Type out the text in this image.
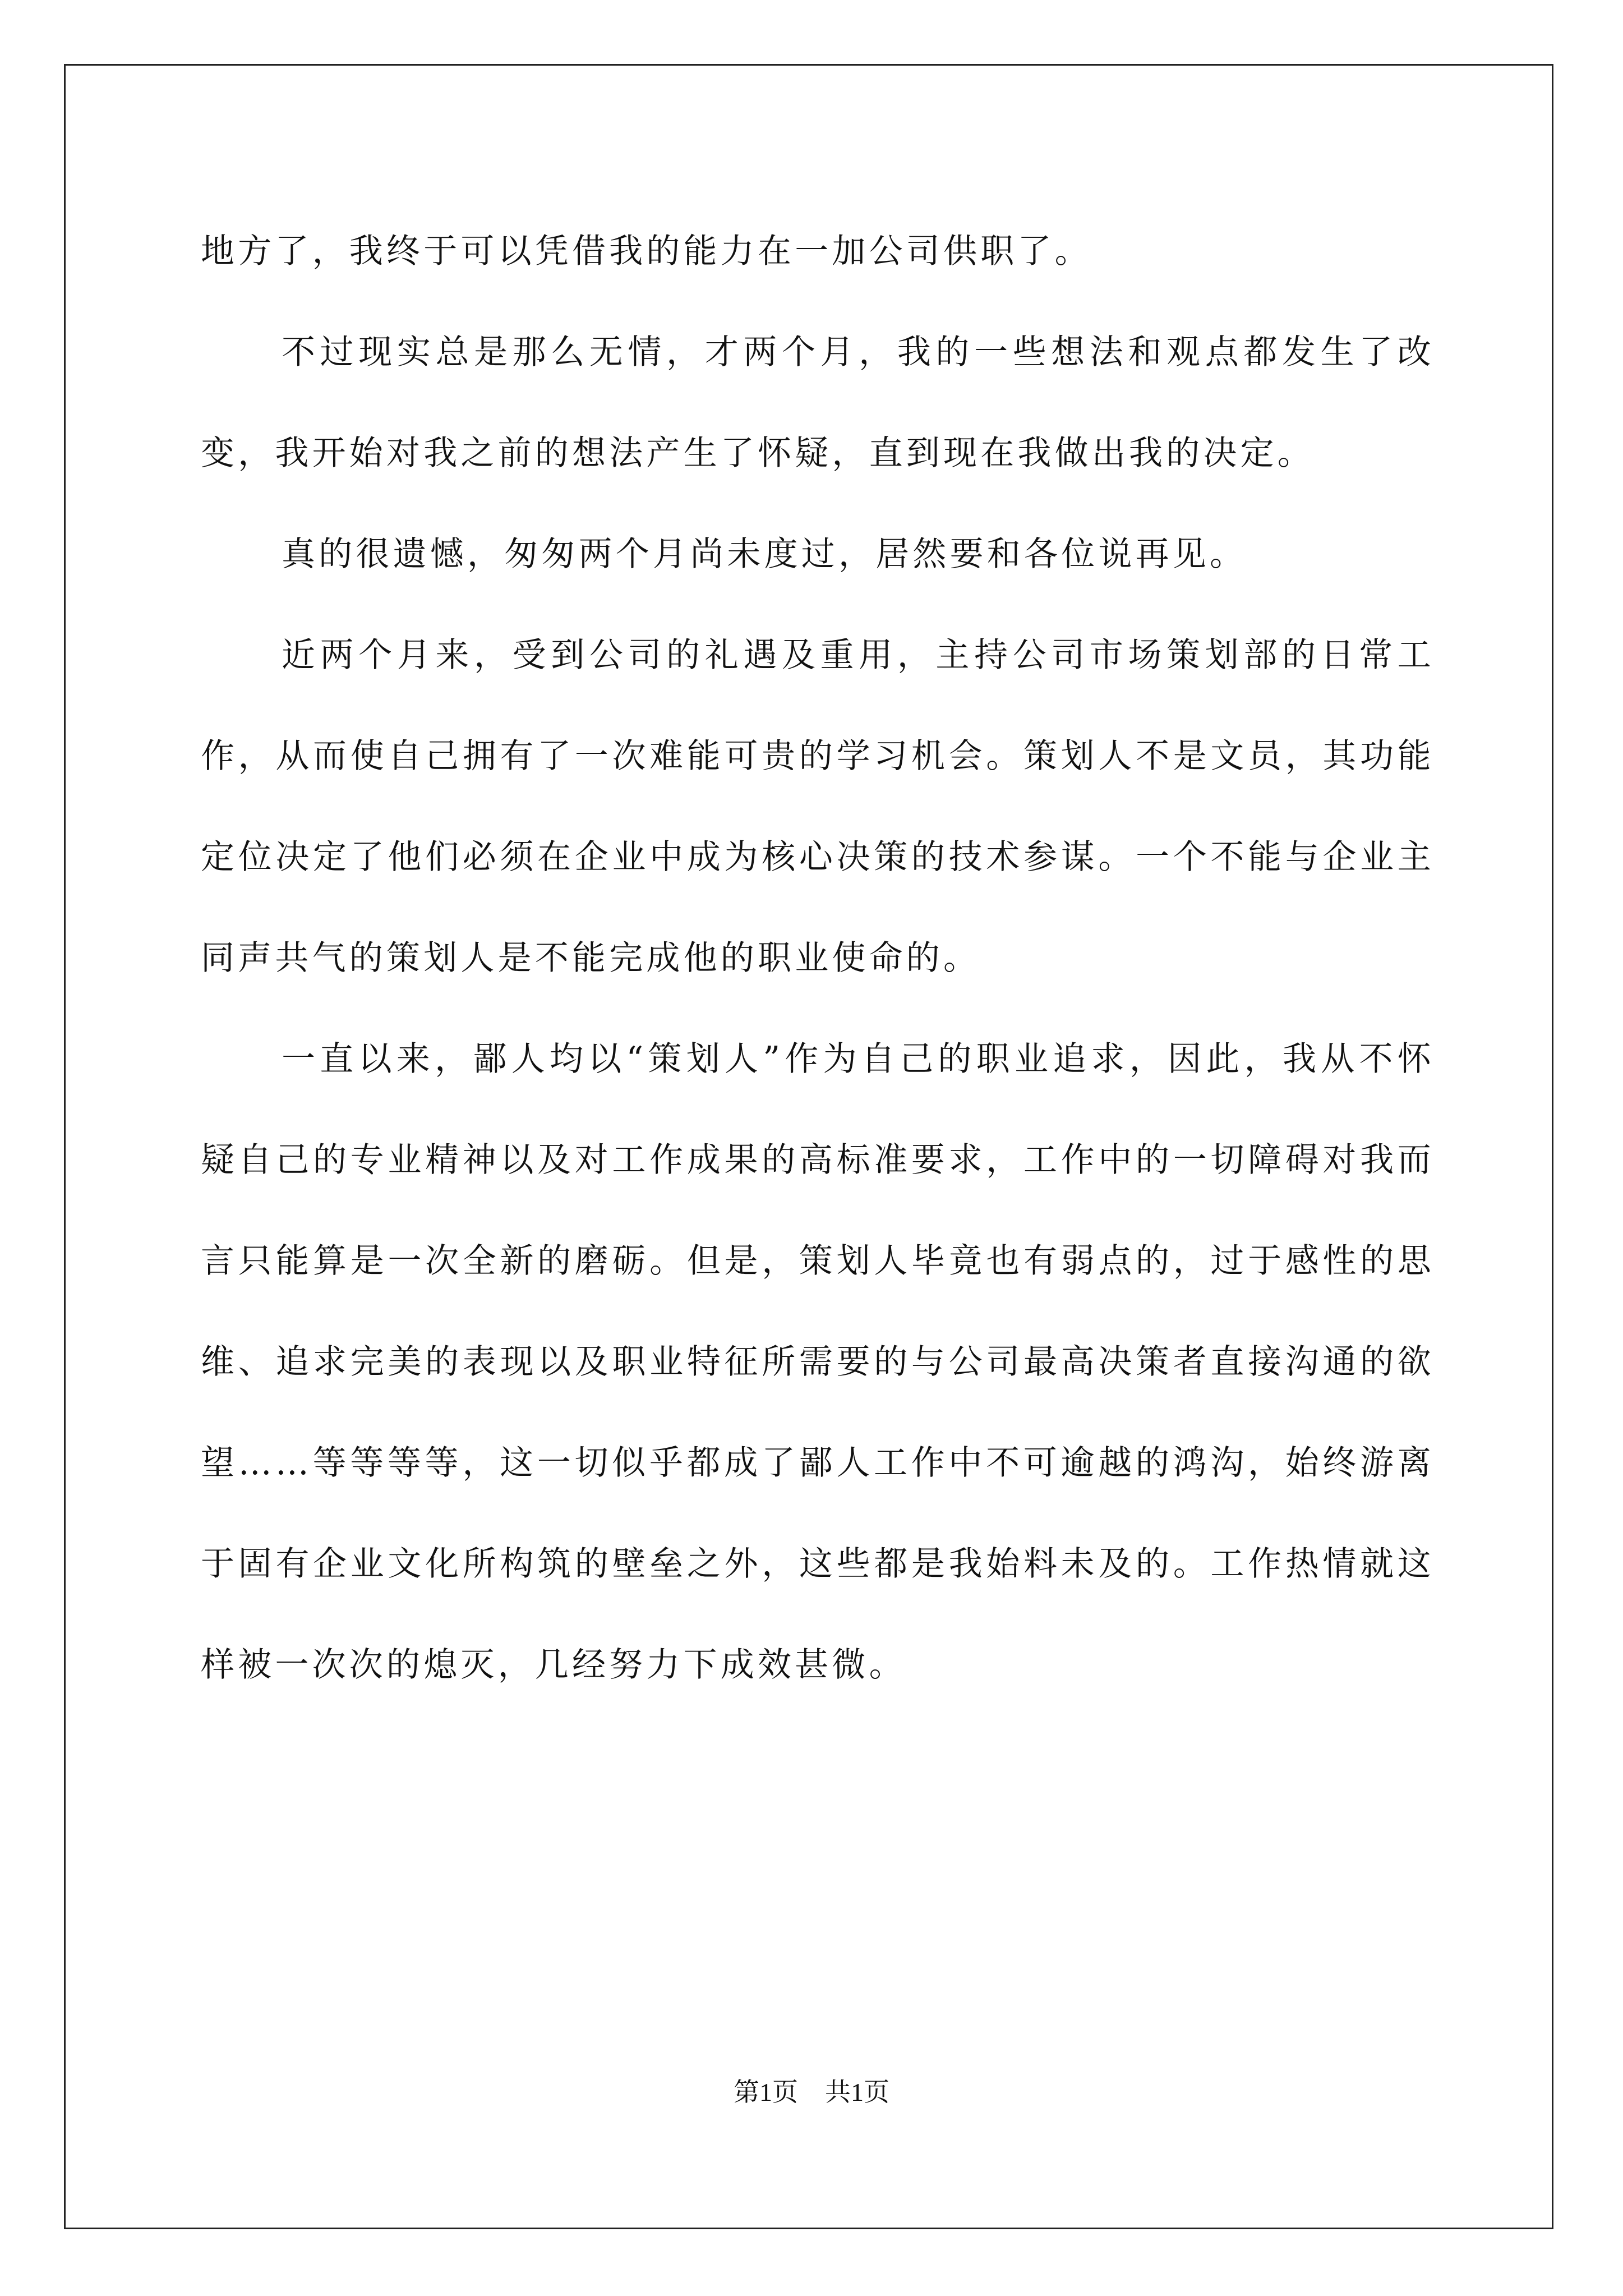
地方了，我终于可以凭借我的能力在一加公司供职了。

不过现实总是那么无情，才两个月，我的一些想法和观点都发生了改变，我开始对我之前的想法产生了怀疑，直到现在我做出我的决定。

真的很遗憾，匆匆两个月尚未度过，居然要和各位说再见。

近两个月来，受到公司的礼遇及重用，主持公司市场策划部的日常工作，从而使自己拥有了一次难能可贵的学习机会。策划人不是文员，其功能定位决定了他们必须在企业中成为核心决策的技术参谋。一个不能与企业主同声共气的策划人是不能完成他的职业使命的。

一直以来，鄙人均以“策划人”作为自己的职业追求，因此，我从不怀疑自己的专业精神以及对工作成果的高标准要求，工作中的一切障碍对我而言只能算是一次全新的磨砺。但是，策划人毕竟也有弱点的，过于感性的思维、追求完美的表现以及职业特征所需要的与公司最高决策者直接沟通的欲望……等等等等，这一切似乎都成了鄙人工作中不可逾越的鸿沟，始终游离于固有企业文化所构筑的壁垒之外，这些都是我始料未及的。工作热情就这样被一次次的熄灭，几经努力下成效甚微。

第1页 共1页
